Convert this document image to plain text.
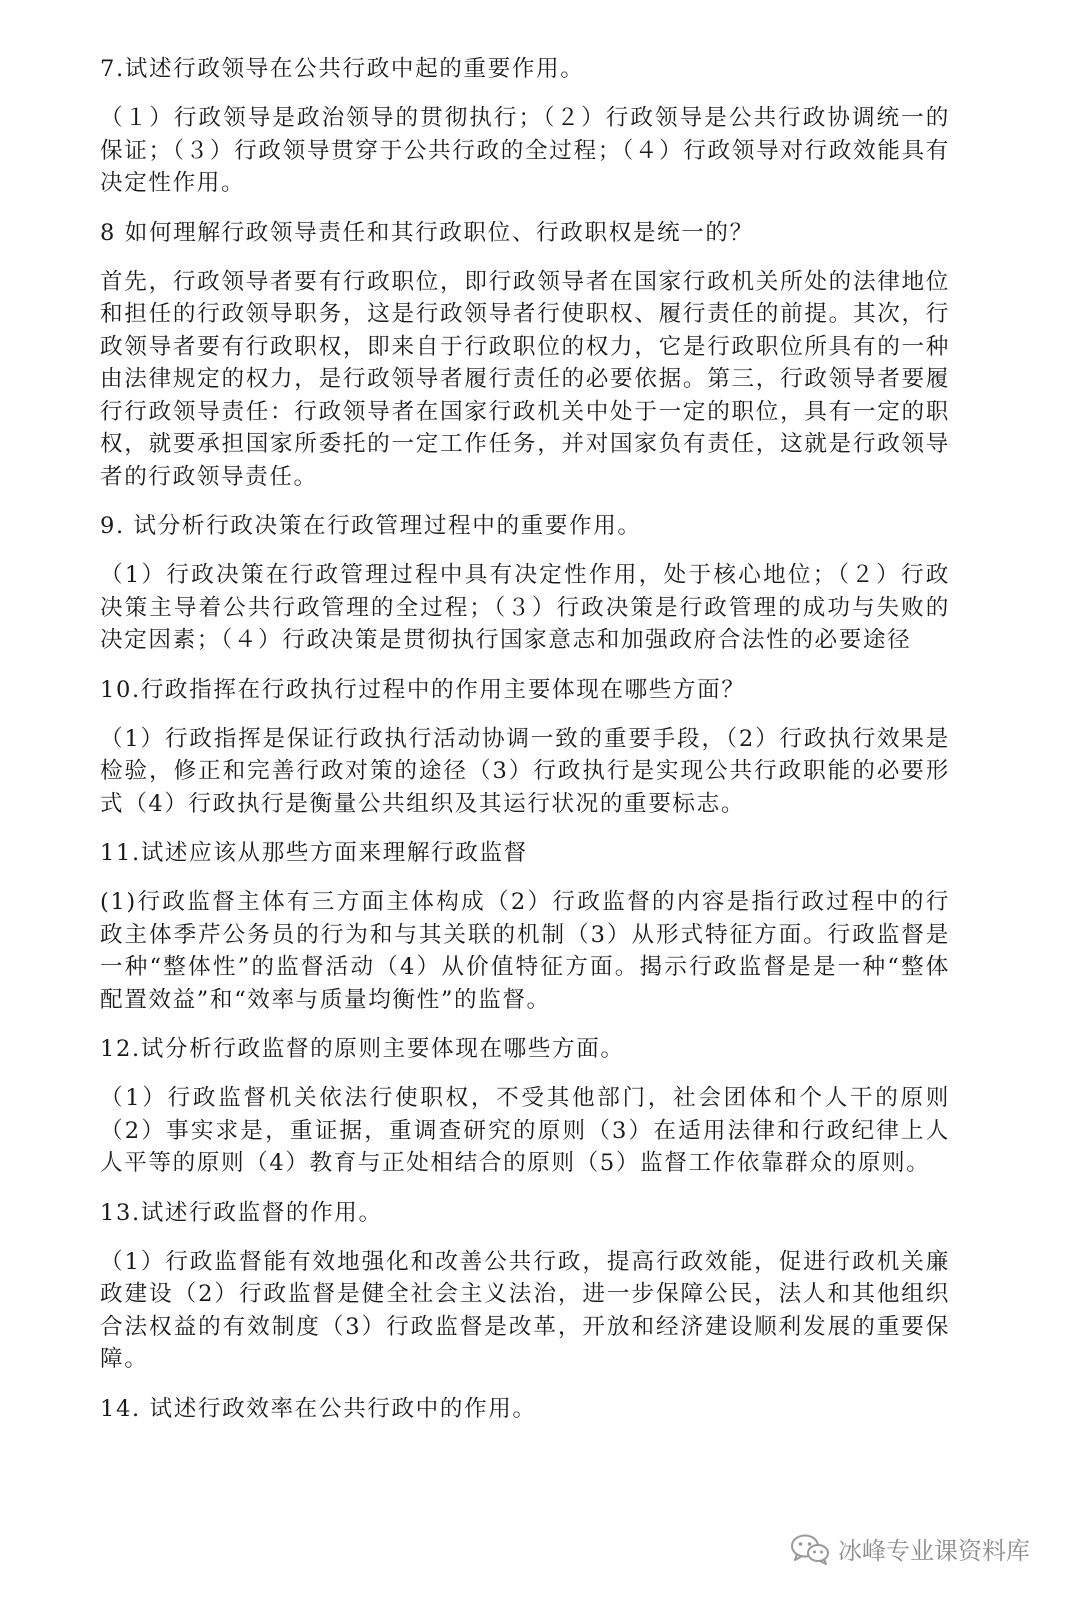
7.试述行政领导在公共行政中起的重要作用。

（１）行政领导是政治领导的贯彻执行；（２）行政领导是公共行政协调统一的保证；（３）行政领导贯穿于公共行政的全过程；（４）行政领导对行政效能具有决定性作用。

8 如何理解行政领导责任和其行政职位、行政职权是统一的？

首先，行政领导者要有行政职位，即行政领导者在国家行政机关所处的法律地位和担任的行政领导职务，这是行政领导者行使职权、履行责任的前提。其次，行政领导者要有行政职权，即来自于行政职位的权力，它是行政职位所具有的一种由法律规定的权力，是行政领导者履行责任的必要依据。第三，行政领导者要履行行政领导责任：行政领导者在国家行政机关中处于一定的职位，具有一定的职权，就要承担国家所委托的一定工作任务，并对国家负有责任，这就是行政领导者的行政领导责任。

9. 试分析行政决策在行政管理过程中的重要作用。

（1）行政决策在行政管理过程中具有决定性作用，处于核心地位；（２）行政决策主导着公共行政管理的全过程；（３）行政决策是行政管理的成功与失败的决定因素；（４）行政决策是贯彻执行国家意志和加强政府合法性的必要途径

10.行政指挥在行政执行过程中的作用主要体现在哪些方面？

（1）行政指挥是保证行政执行活动协调一致的重要手段，（2）行政执行效果是检验，修正和完善行政对策的途径（3）行政执行是实现公共行政职能的必要形式（4）行政执行是衡量公共组织及其运行状况的重要标志。

11.试述应该从那些方面来理解行政监督

(1)行政监督主体有三方面主体构成（2）行政监督的内容是指行政过程中的行政主体季芹公务员的行为和与其关联的机制（3）从形式特征方面。行政监督是一种“整体性”的监督活动（4）从价值特征方面。揭示行政监督是是一种“整体配置效益”和“效率与质量均衡性”的监督。

12.试分析行政监督的原则主要体现在哪些方面。

（1）行政监督机关依法行使职权，不受其他部门，社会团体和个人干的原则（2）事实求是，重证据，重调查研究的原则（3）在适用法律和行政纪律上人人平等的原则（4）教育与正处相结合的原则（5）监督工作依靠群众的原则。

13.试述行政监督的作用。

（1）行政监督能有效地强化和改善公共行政，提高行政效能，促进行政机关廉政建设（2）行政监督是健全社会主义法治，进一步保障公民，法人和其他组织合法权益的有效制度（3）行政监督是改革，开放和经济建设顺利发展的重要保障。

14. 试述行政效率在公共行政中的作用。

冰峰专业课资料库
